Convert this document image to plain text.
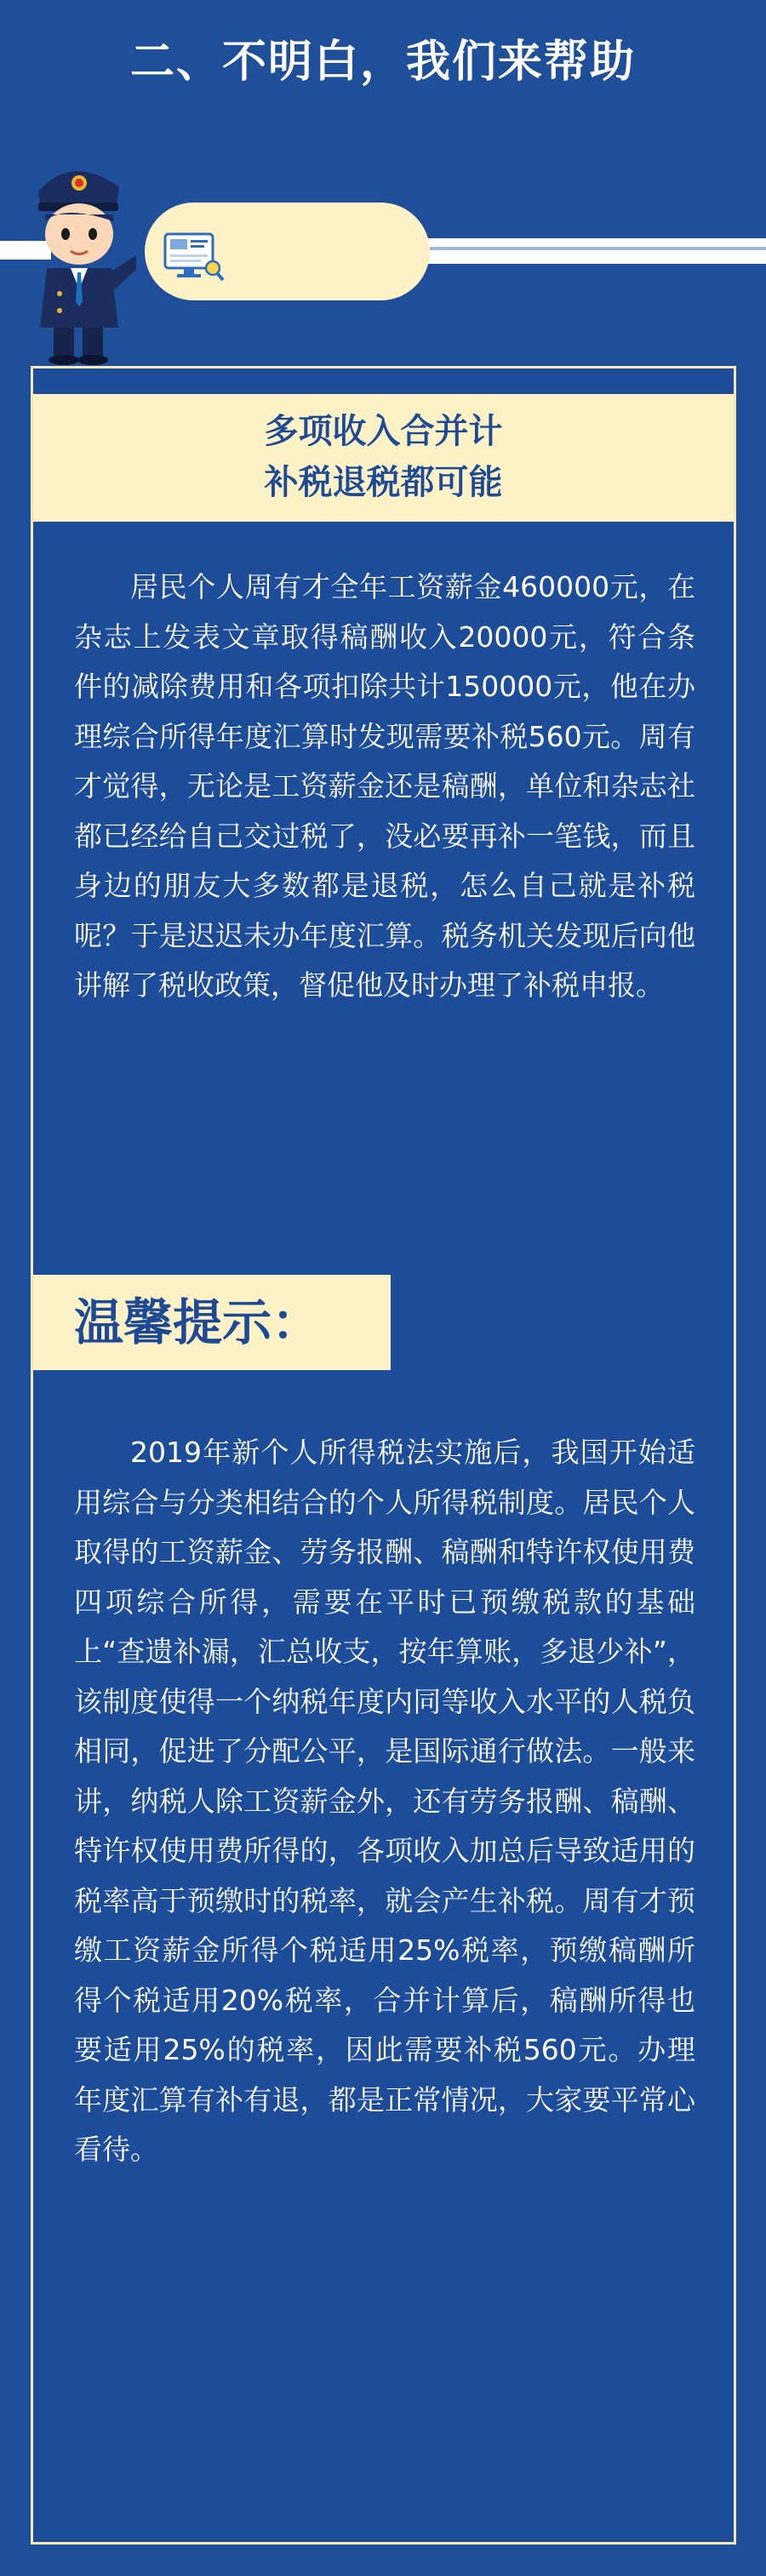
二、不明白，我们来帮助
多项收入合并计
补税退税都可能

居民个人周有才全年工资薪金460000元，在杂志上发表文章取得稿酬收入20000元，符合条件的减除费用和各项扣除共计150000元，他在办理综合所得年度汇算时发现需要补税560元。周有才觉得，无论是工资薪金还是稿酬，单位和杂志社都已经给自己交过税了，没必要再补一笔钱，而且身边的朋友大多数都是退税，怎么自己就是补税呢？于是迟迟未办年度汇算。税务机关发现后向他讲解了税收政策，督促他及时办理了补税申报。

温馨提示：

2019年新个人所得税法实施后，我国开始适用综合与分类相结合的个人所得税制度。居民个人取得的工资薪金、劳务报酬、稿酬和特许权使用费四项综合所得，需要在平时已预缴税款的基础上“查遗补漏，汇总收支，按年算账，多退少补”，该制度使得一个纳税年度内同等收入水平的人税负相同，促进了分配公平，是国际通行做法。一般来讲，纳税人除工资薪金外，还有劳务报酬、稿酬、特许权使用费所得的，各项收入加总后导致适用的税率高于预缴时的税率，就会产生补税。周有才预缴工资薪金所得个税适用25%税率，预缴稿酬所得个税适用20%税率，合并计算后，稿酬所得也要适用25%的税率，因此需要补税560元。办理年度汇算有补有退，都是正常情况，大家要平常心看待。
